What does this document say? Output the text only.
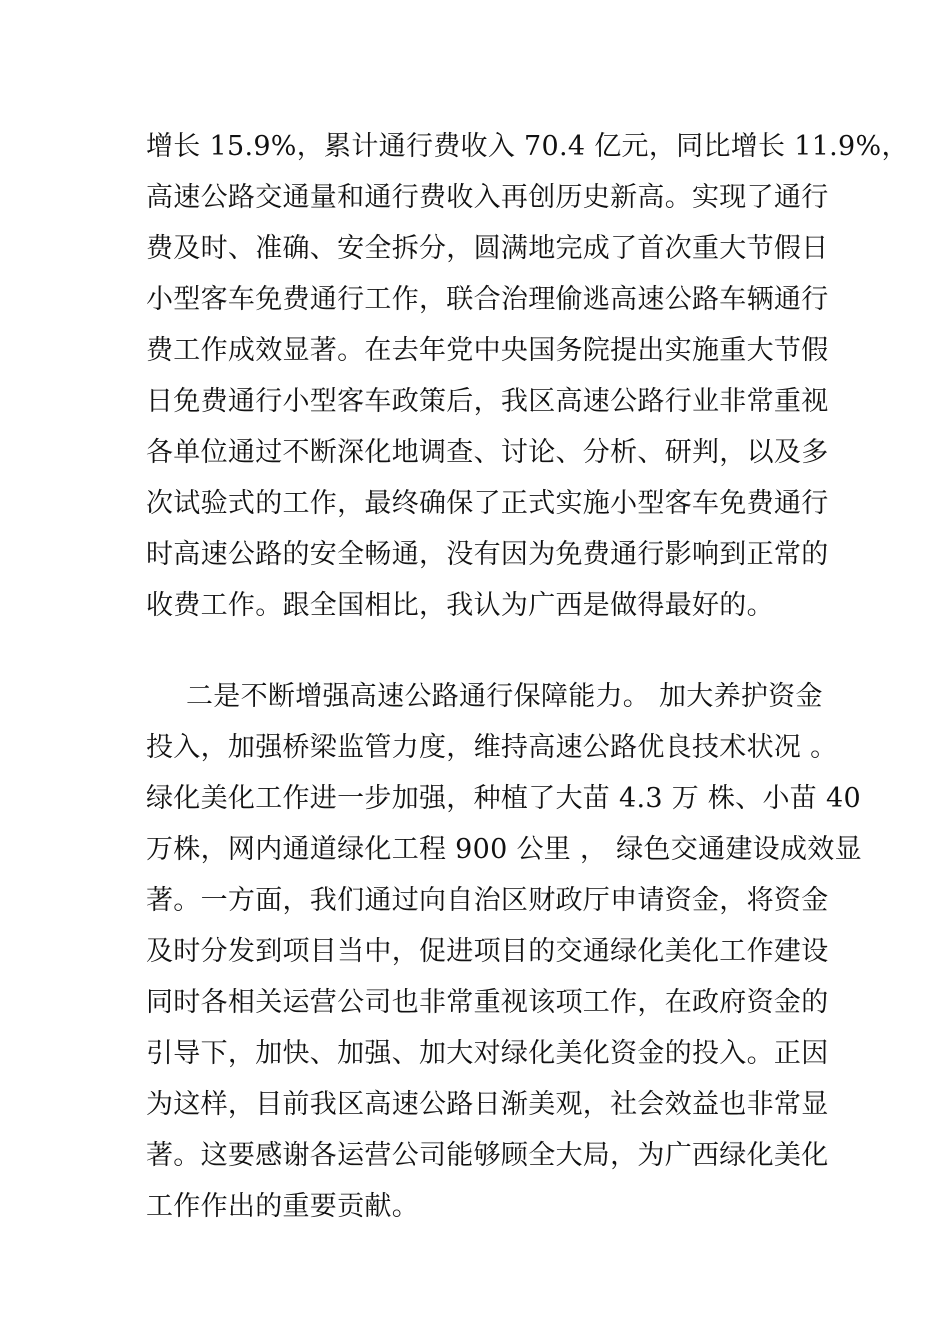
增长 15.9%，累计通行费收入 70.4 亿元，同比增长 11.9%，
高速公路交通量和通行费收入再创历史新高。实现了通行
费及时、准确、安全拆分，圆满地完成了首次重大节假日
小型客车免费通行工作，联合治理偷逃高速公路车辆通行
费工作成效显著。在去年党中央国务院提出实施重大节假
日免费通行小型客车政策后，我区高速公路行业非常重视
各单位通过不断深化地调查、讨论、分析、研判，以及多
次试验式的工作，最终确保了正式实施小型客车免费通行
时高速公路的安全畅通，没有因为免费通行影响到正常的
收费工作。跟全国相比，我认为广西是做得最好的。
二是不断增强高速公路通行保障能力。 加大养护资金
投入，加强桥梁监管力度，维持高速公路优良技术状况 。
绿化美化工作进一步加强，种植了大苗 4.3 万 株、小苗 40
万株，网内通道绿化工程 900 公里 ， 绿色交通建设成效显
著。一方面，我们通过向自治区财政厅申请资金，将资金
及时分发到项目当中，促进项目的交通绿化美化工作建设
同时各相关运营公司也非常重视该项工作，在政府资金的
引导下，加快、加强、加大对绿化美化资金的投入。正因
为这样，目前我区高速公路日渐美观，社会效益也非常显
著。这要感谢各运营公司能够顾全大局，为广西绿化美化
工作作出的重要贡献。
